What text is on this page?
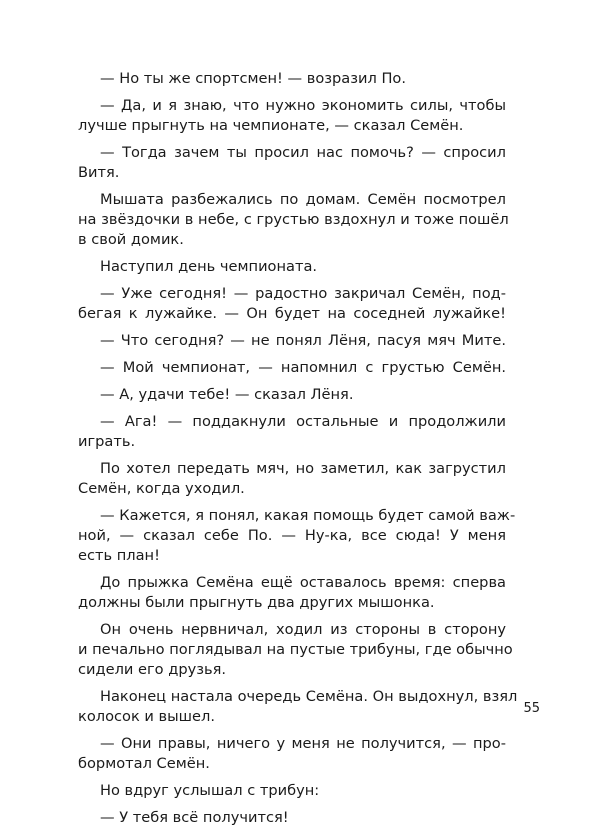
— Но ты же спортсмен! — возразил По.
— Да, и я знаю, что нужно экономить силы, чтобы
лучше прыгнуть на чемпионате, — сказал Семён.
— Тогда зачем ты просил нас помочь? — спросил
Витя.
Мышата разбежались по домам. Семён посмотрел
на звёздочки в небе, с грустью вздохнул и тоже пошёл
в свой домик.
Наступил день чемпионата.
— Уже сегодня! — радостно закричал Семён, под-
бегая к лужайке. — Он будет на соседней лужайке!
— Что сегодня? — не понял Лёня, пасуя мяч Мите.
— Мой чемпионат, — напомнил с грустью Семён.
— А, удачи тебе! — сказал Лёня.
— Ага! — поддакнули остальные и продолжили
играть.
По хотел передать мяч, но заметил, как загрустил
Семён, когда уходил.
— Кажется, я понял, какая помощь будет самой важ-
ной, — сказал себе По. — Ну-ка, все сюда! У меня
есть план!
До прыжка Семёна ещё оставалось время: сперва
должны были прыгнуть два других мышонка.
Он очень нервничал, ходил из стороны в сторону
и печально поглядывал на пустые трибуны, где обычно
сидели его друзья.
Наконец настала очередь Семёна. Он выдохнул, взял
колосок и вышел.
— Они правы, ничего у меня не получится, — про-
бормотал Семён.
Но вдруг услышал с трибун:
— У тебя всё получится!
55
